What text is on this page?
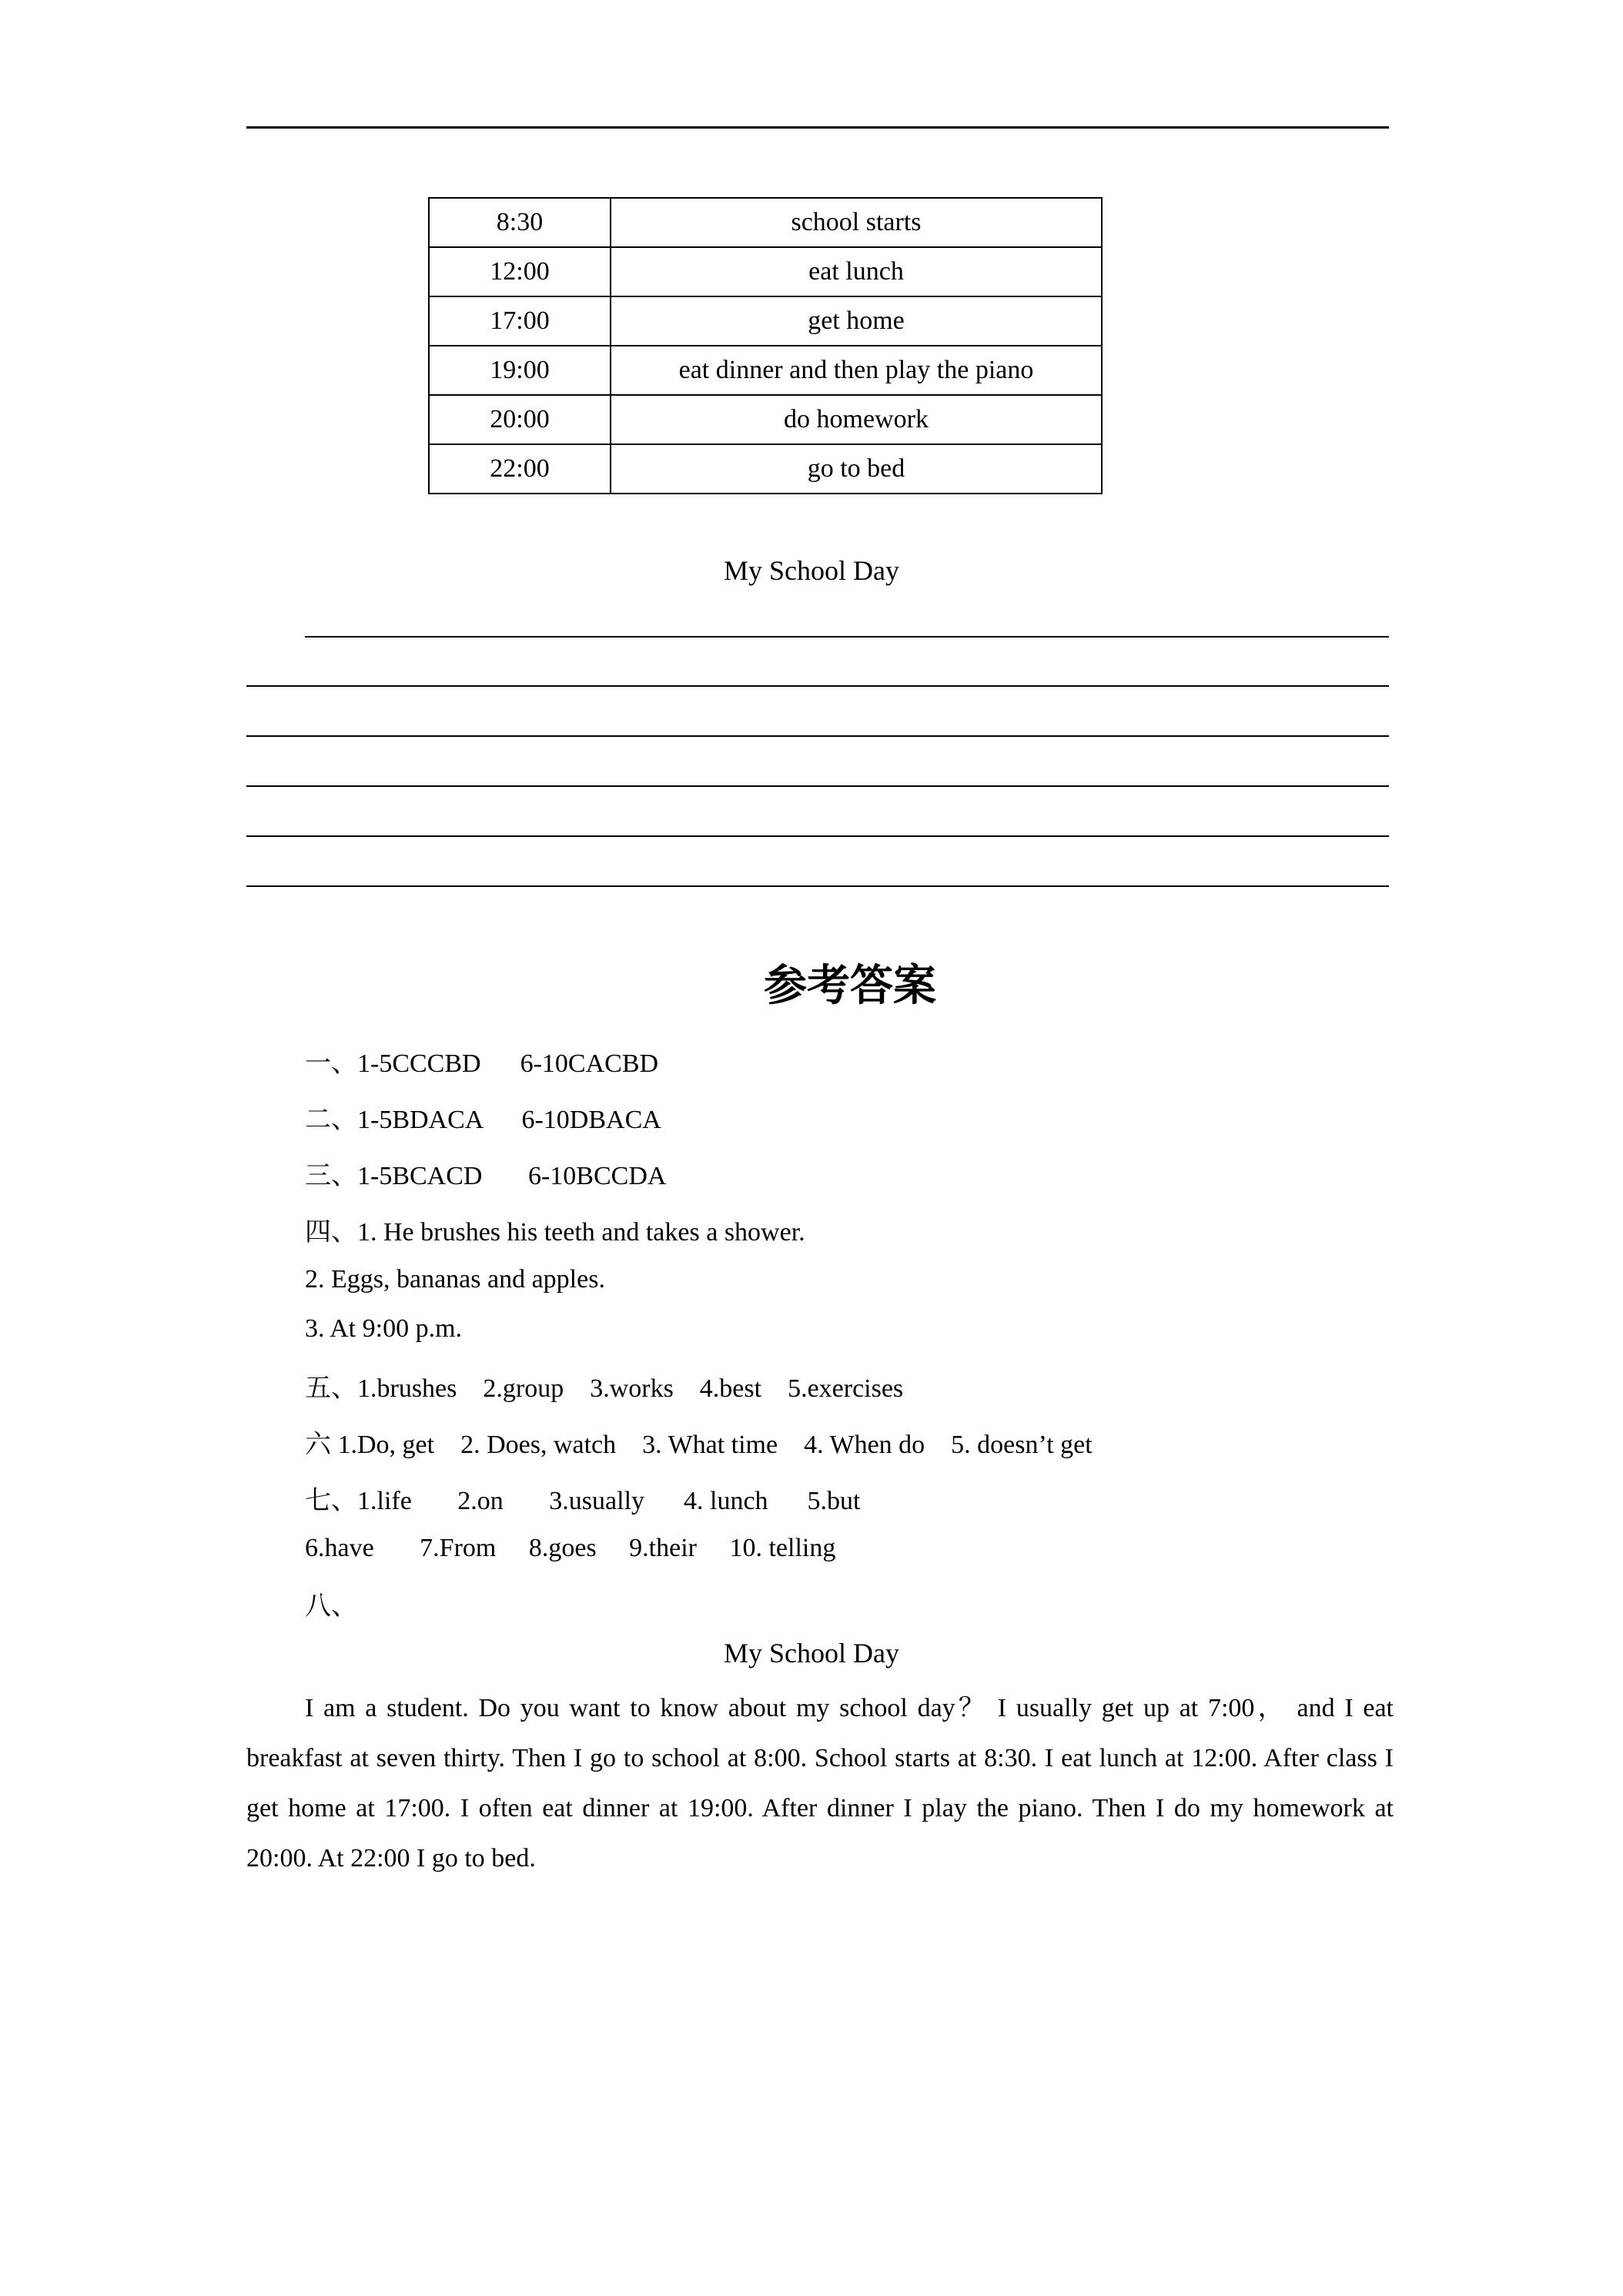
8:30	school starts
12:00	eat lunch
17:00	get home
19:00	eat dinner and then play the piano
20:00	do homework
22:00	go to bed
My School Day
参考答案
一、1-5CCCBD      6-10CACBD
二、1-5BDACA      6-10DBACA
三、1-5BCACD       6-10BCCDA
四、1. He brushes his teeth and takes a shower.
2. Eggs, bananas and apples.
3. At 9:00 p.m.
五、1.brushes    2.group    3.works    4.best    5.exercises
六 1.Do, get    2. Does, watch    3. What time    4. When do    5. doesn’t get
七、1.life       2.on       3.usually      4. lunch      5.but
6.have       7.From     8.goes     9.their     10. telling
八、
My School Day

I am a student. Do you want to know about my school day？ I usually get up at 7:00， and I eat breakfast at seven thirty. Then I go to school at 8:00. School starts at 8:30. I eat lunch at 12:00. After class I get home at 17:00. I often eat dinner at 19:00. After dinner I play the piano. Then I do my homework at 20:00. At 22:00 I go to bed.
